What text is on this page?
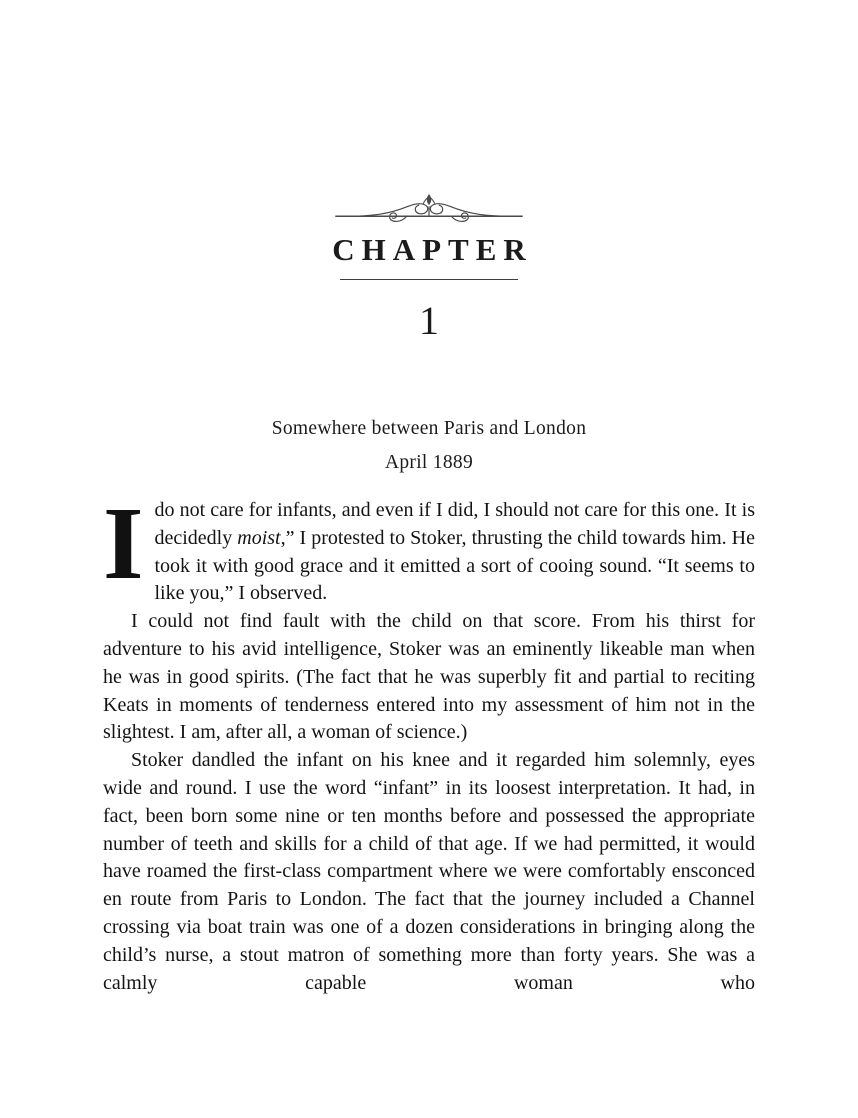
CHAPTER
1
Somewhere between Paris and London
April 1889

Ido not care for infants, and even if I did, I should not care for this one. It is decidedly moist,” I protested to Stoker, thrusting the child towards him. He took it with good grace and it emitted a sort of cooing sound. “It seems to like you,” I observed.

I could not find fault with the child on that score. From his thirst for adventure to his avid intelligence, Stoker was an eminently likeable man when he was in good spirits. (The fact that he was superbly fit and partial to reciting Keats in moments of tenderness entered into my assessment of him not in the slightest. I am, after all, a woman of science.)

Stoker dandled the infant on his knee and it regarded him solemnly, eyes wide and round. I use the word “infant” in its loosest interpretation. It had, in fact, been born some nine or ten months before and possessed the appropriate number of teeth and skills for a child of that age. If we had permitted, it would have roamed the first-class compartment where we were comfortably ensconced en route from Paris to London. The fact that the journey included a Channel crossing via boat train was one of a dozen considerations in bringing along the child’s nurse, a stout matron of something more than forty years. She was a calmly capable woman who
